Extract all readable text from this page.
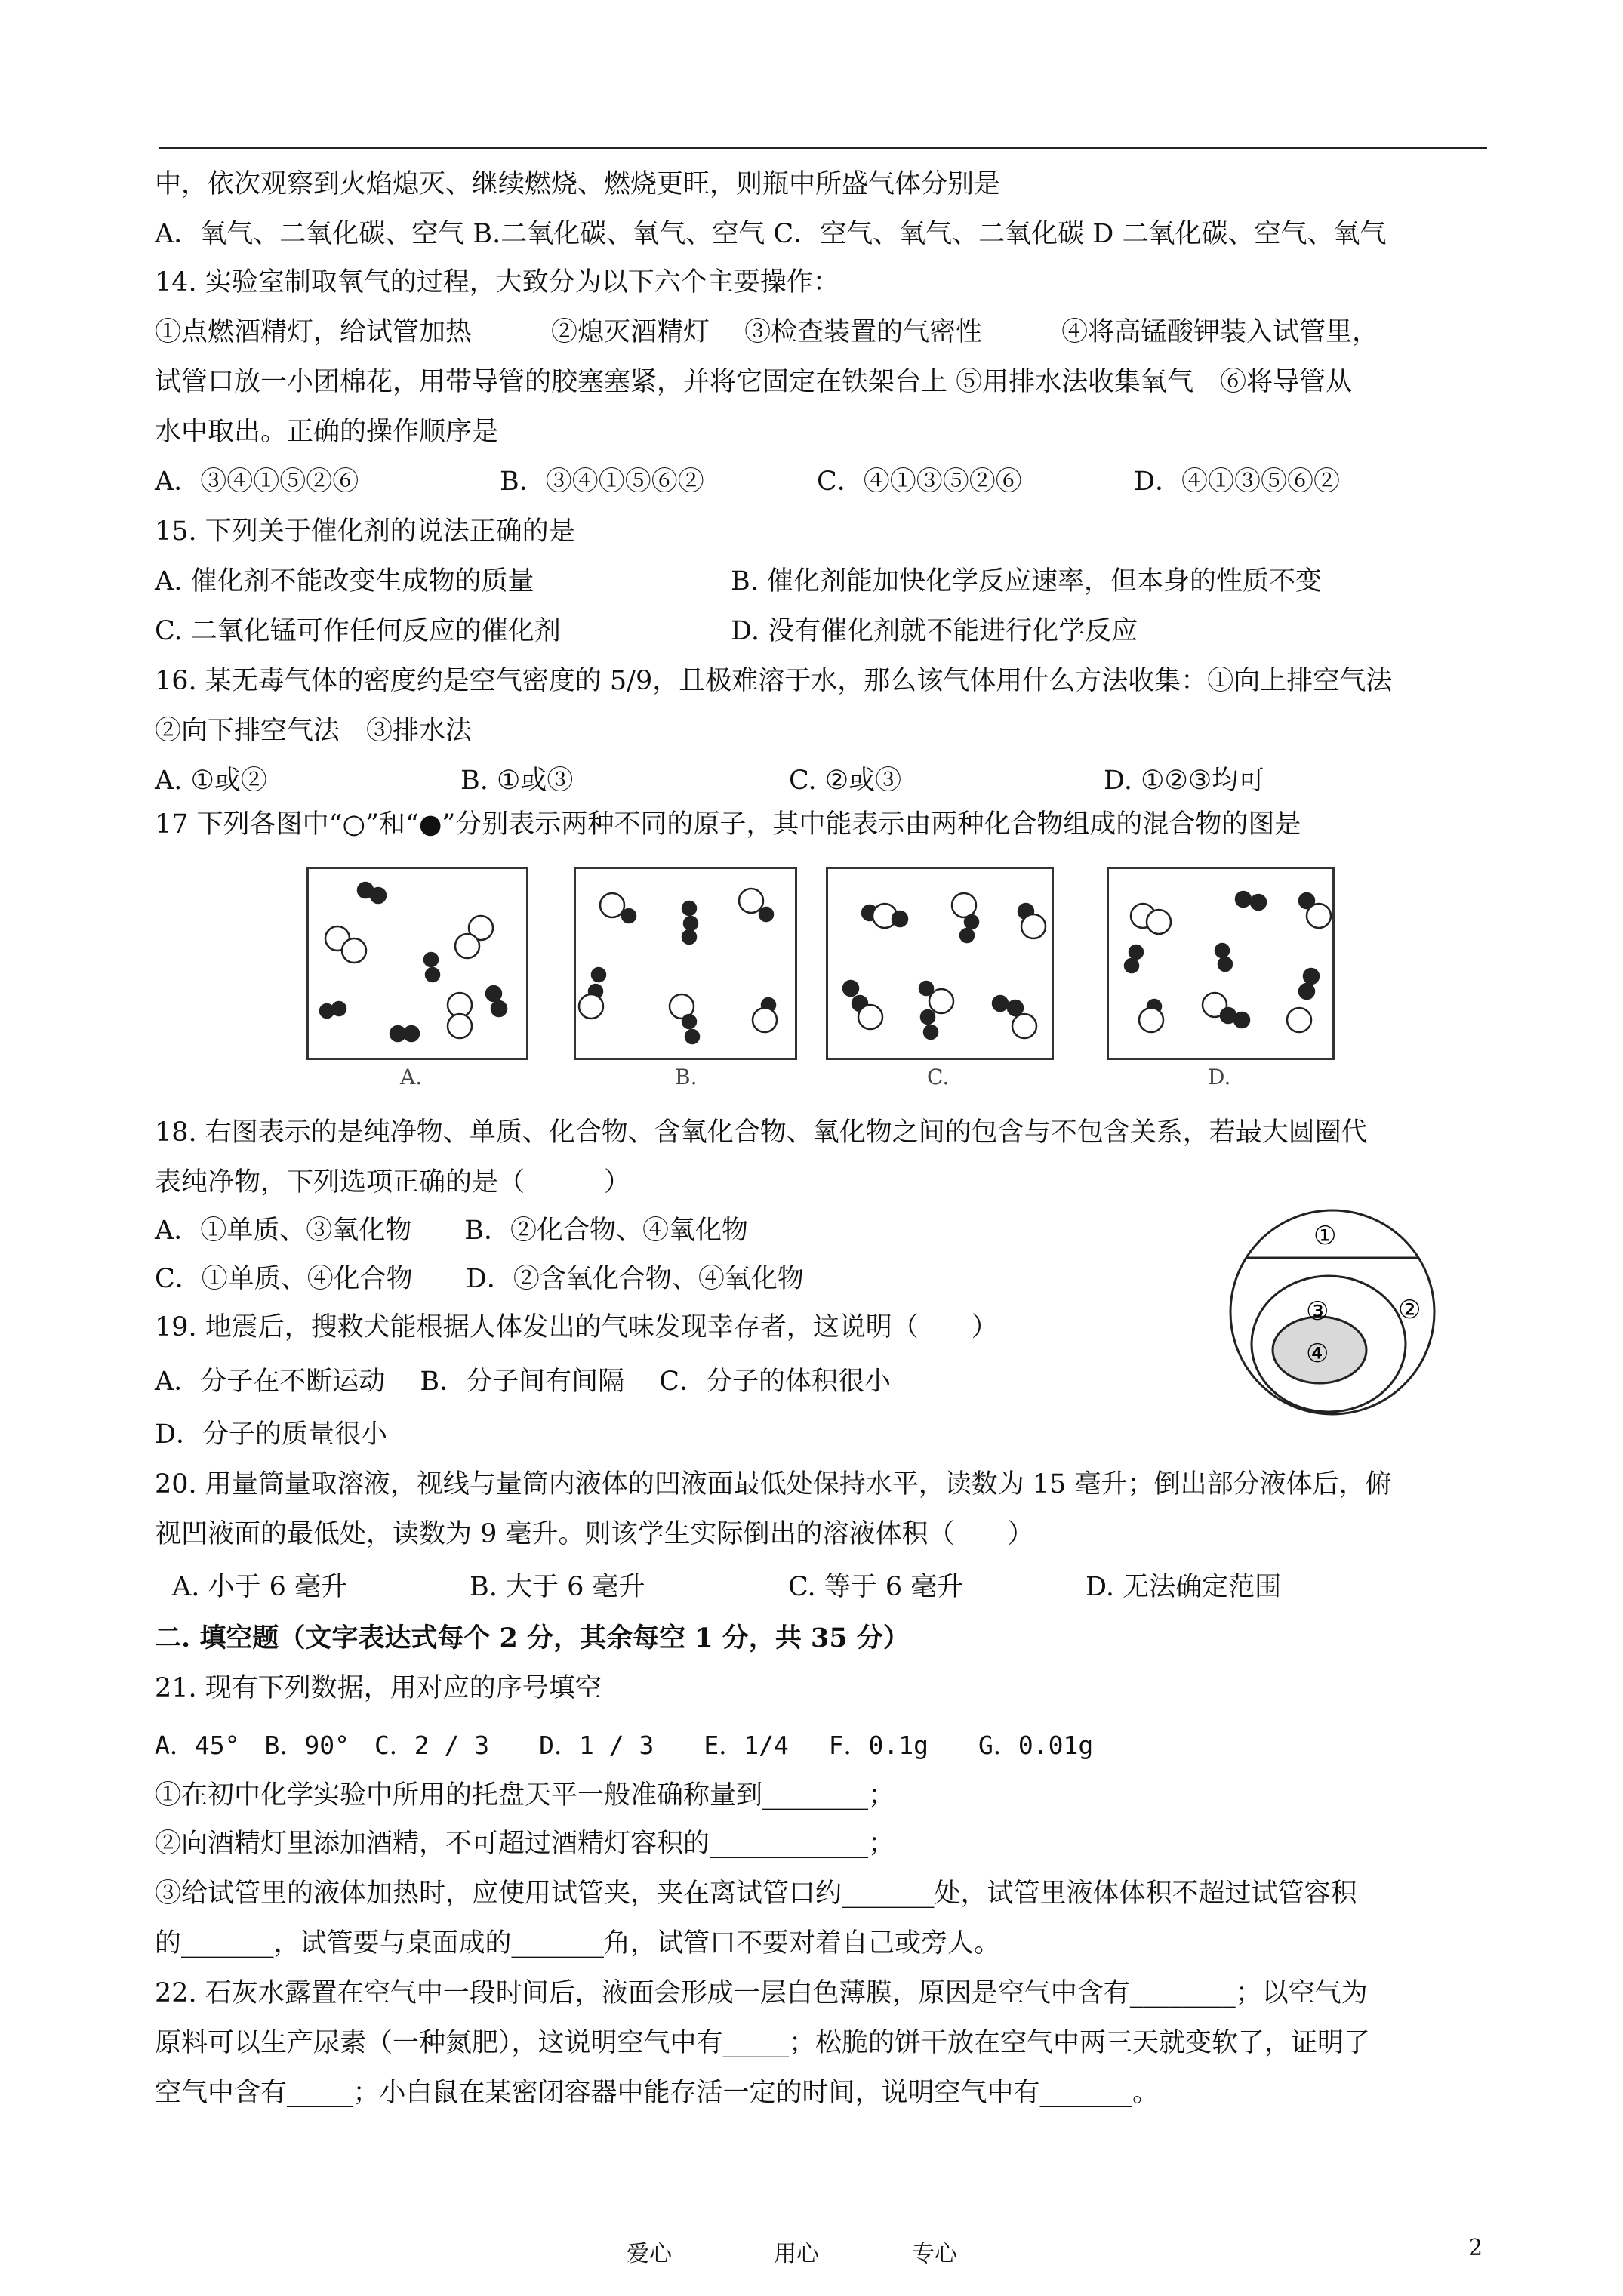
中，依次观察到火焰熄灭、继续燃烧、燃烧更旺，则瓶中所盛气体分别是
A．氧气、二氧化碳、空气 B.二氧化碳、氧气、空气 C．空气、氧气、二氧化碳 D 二氧化碳、空气、氧气
14. 实验室制取氧气的过程，大致分为以下六个主要操作：
①点燃酒精灯，给试管加热　　　②熄灭酒精灯　 ③检查装置的气密性　　　④将高锰酸钾装入试管里，
试管口放一小团棉花，用带导管的胶塞塞紧，并将它固定在铁架台上 ⑤用排水法收集氧气　⑥将导管从
水中取出。正确的操作顺序是
A．③④①⑤②⑥	B．③④①⑤⑥②	C．④①③⑤②⑥	D．④①③⑤⑥②
15. 下列关于催化剂的说法正确的是
A. 催化剂不能改变生成物的质量	B. 催化剂能加快化学反应速率，但本身的性质不变
C. 二氧化锰可作任何反应的催化剂	D. 没有催化剂就不能进行化学反应
16. 某无毒气体的密度约是空气密度的 5/9，且极难溶于水，那么该气体用什么方法收集：①向上排空气法
②向下排空气法　③排水法
A. ①或②	B. ①或③	C. ②或③	D. ①②③均可
17 下列各图中“○”和“●”分别表示两种不同的原子，其中能表示由两种化合物组成的混合物的图是
A.	B.	C.	D.
18. 右图表示的是纯净物、单质、化合物、含氧化合物、氧化物之间的包含与不包含关系，若最大圆圈代
表纯净物，下列选项正确的是（　　　）
A．①单质、③氧化物　　B．②化合物、④氧化物
C．①单质、④化合物　　D．②含氧化合物、④氧化物
①
②
③
④
19. 地震后，搜救犬能根据人体发出的气味发现幸存者，这说明（　　）
A．分子在不断运动　 B．分子间有间隔　 C．分子的体积很小
D．分子的质量很小
20. 用量筒量取溶液，视线与量筒内液体的凹液面最低处保持水平，读数为 15 毫升；倒出部分液体后，俯
视凹液面的最低处，读数为 9 毫升。则该学生实际倒出的溶液体积（　　）
A. 小于 6 毫升	B. 大于 6 毫升	C. 等于 6 毫升	D. 无法确定范围
二. 填空题（文字表达式每个 2 分，其余每空 1 分，共 35 分）
21. 现有下列数据，用对应的序号填空
A．45°　B．90°　C．2 / 3　　D．1 / 3　　E．1/4　 F．0.1g　　G．0.01g
①在初中化学实验中所用的托盘天平一般准确称量到________；
②向酒精灯里添加酒精，不可超过酒精灯容积的____________；
③给试管里的液体加热时，应使用试管夹，夹在离试管口约_______处，试管里液体体积不超过试管容积
的_______，试管要与桌面成的_______角，试管口不要对着自己或旁人。
22. 石灰水露置在空气中一段时间后，液面会形成一层白色薄膜，原因是空气中含有________；以空气为
原料可以生产尿素（一种氮肥），这说明空气中有_____；松脆的饼干放在空气中两三天就变软了，证明了
空气中含有_____；小白鼠在某密闭容器中能存活一定的时间，说明空气中有_______。
爱心	用心	专心	2
